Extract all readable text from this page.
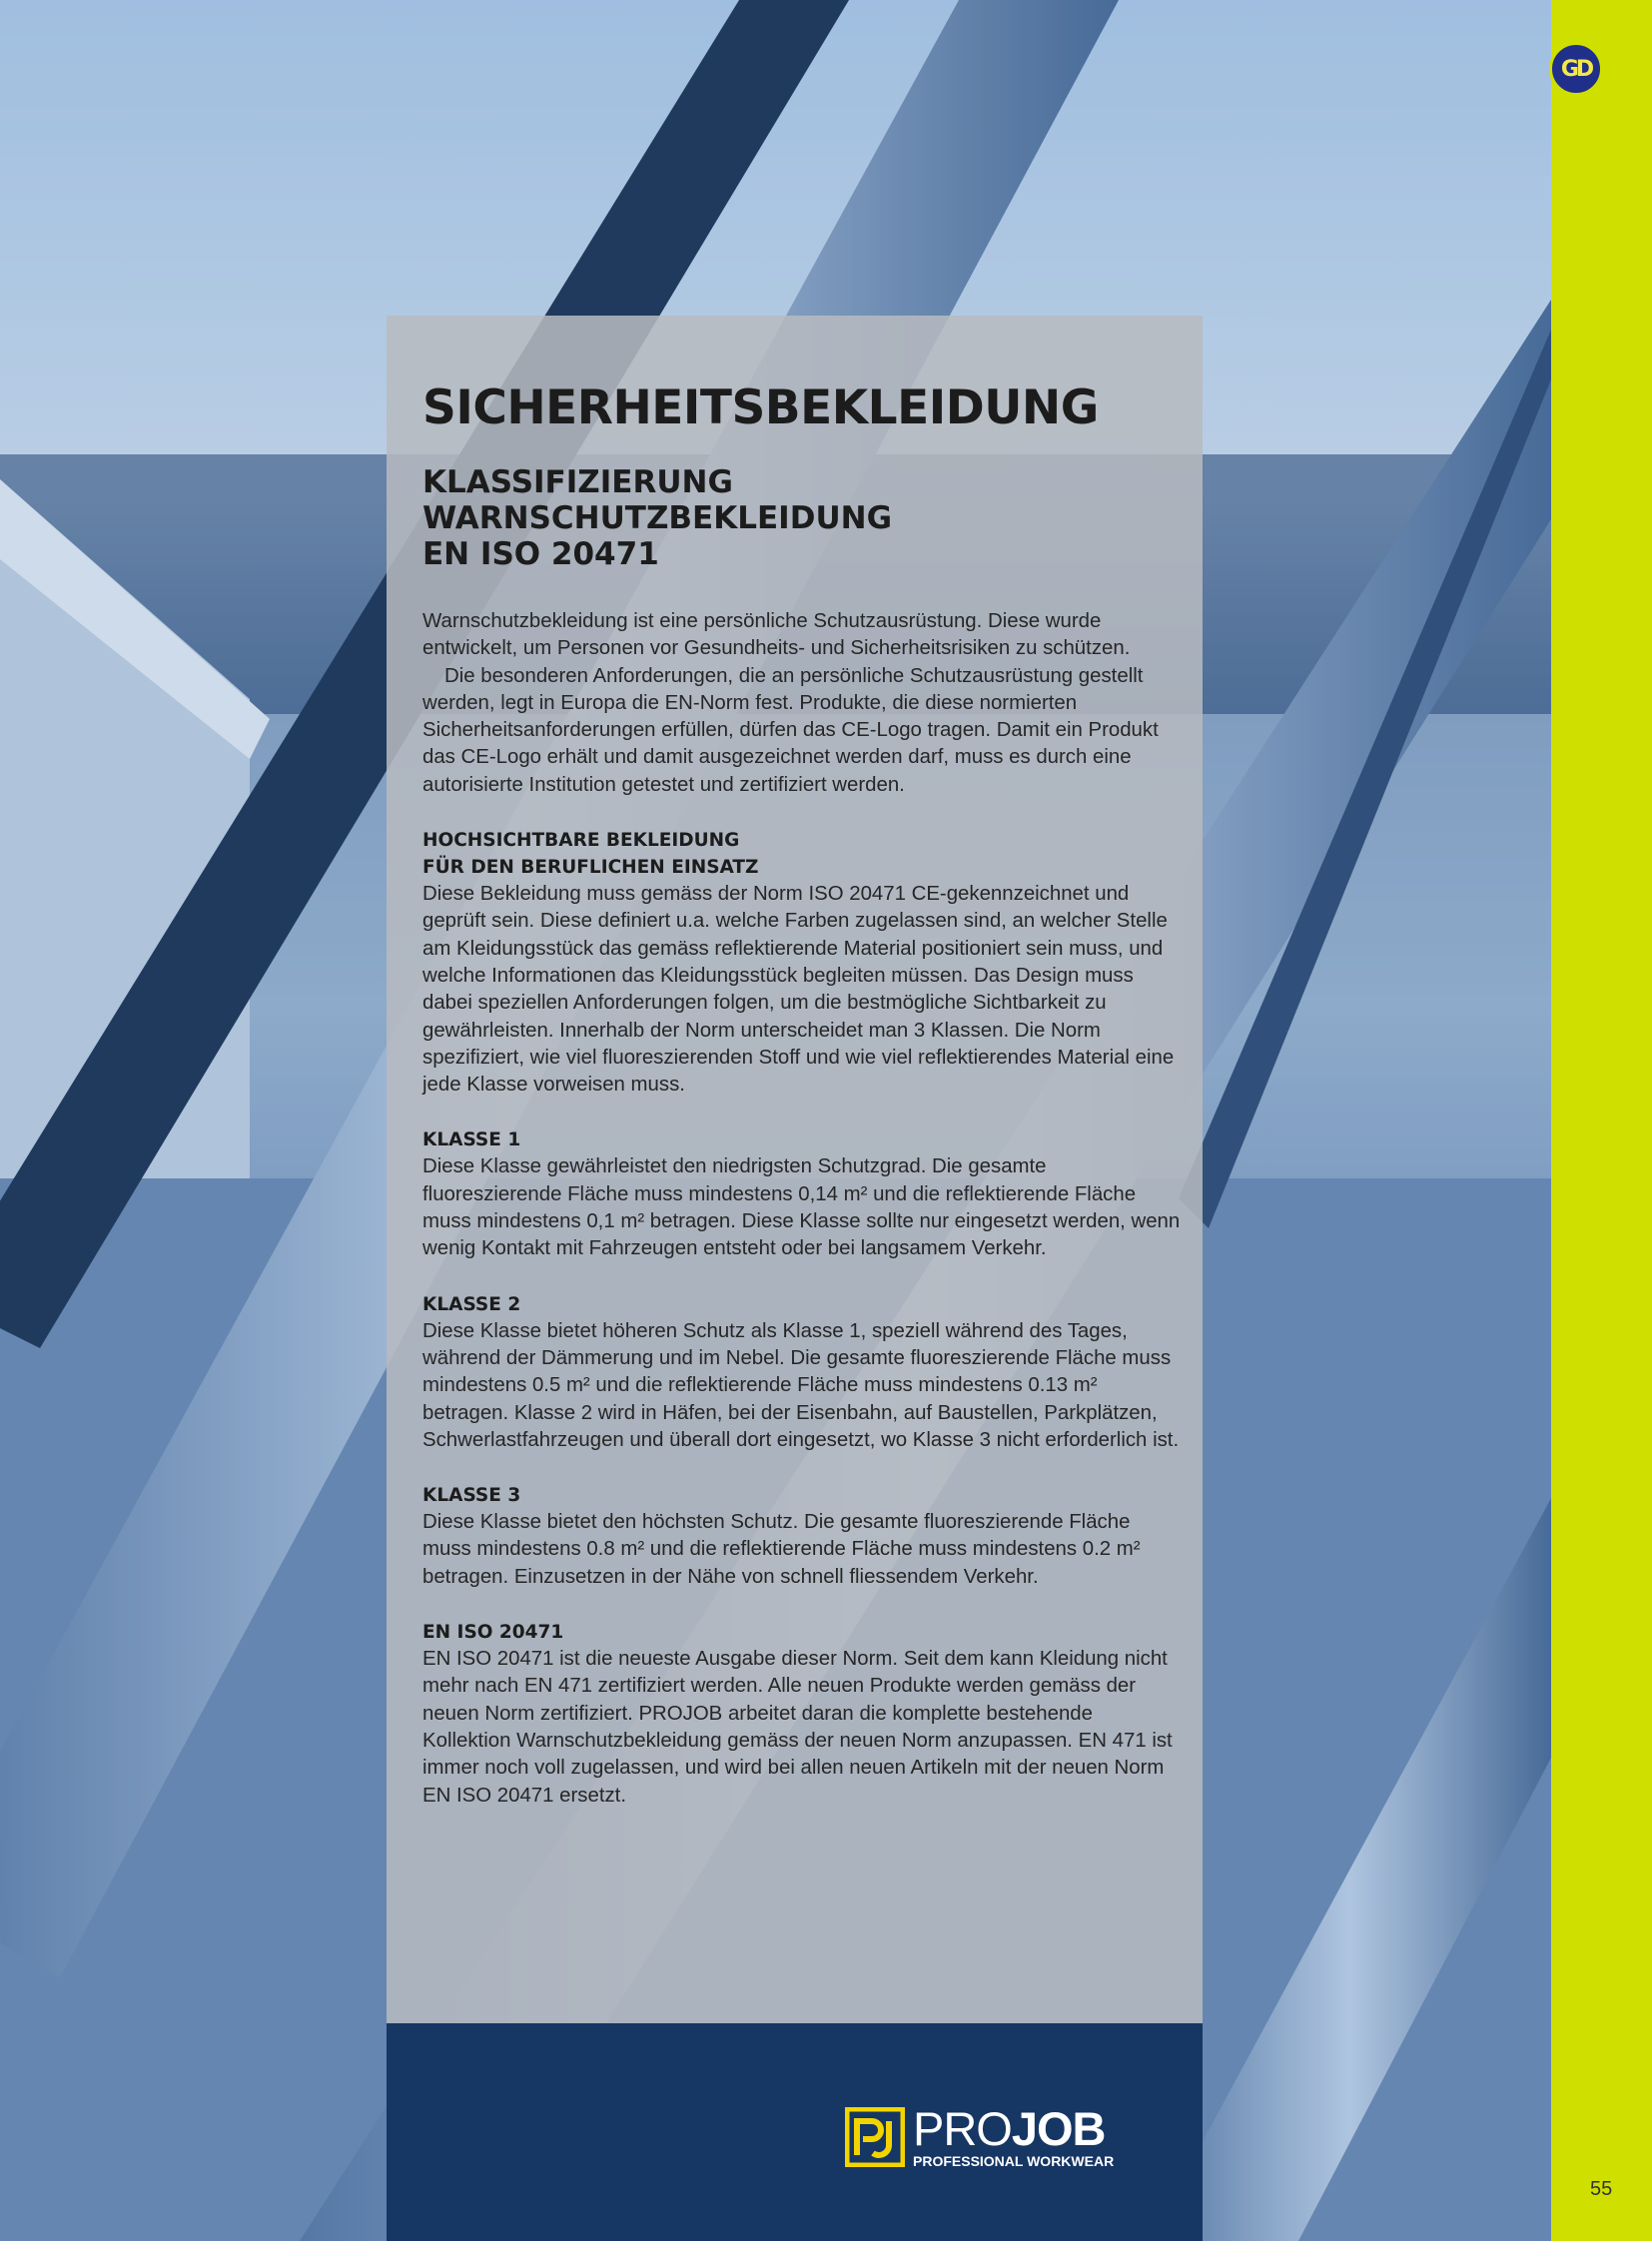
GD
55
SICHERHEITSBEKLEIDUNG
KLASSIFIZIERUNG
WARNSCHUTZBEKLEIDUNG
EN ISO 20471

Warnschutzbekleidung ist eine persönliche Schutzausrüstung. Diese wurde entwickelt, um Personen vor Gesundheits- und Sicherheitsrisiken zu schützen.

Die besonderen Anforderungen, die an persönliche Schutzausrüstung gestellt werden, legt in Europa die EN-Norm fest. Produkte, die diese normierten Sicherheitsanforderungen erfüllen, dürfen das CE-Logo tragen. Damit ein Produkt das CE-Logo erhält und damit ausgezeichnet werden darf, muss es durch eine autorisierte Institution getestet und zertifiziert werden.

HOCHSICHTBARE BEKLEIDUNG
FÜR DEN BERUFLICHEN EINSATZ

Diese Bekleidung muss gemäss der Norm ISO 20471 CE-gekennzeichnet und geprüft sein. Diese definiert u.a. welche Farben zugelassen sind, an welcher Stelle am Kleidungsstück das gemäss reflektierende Material positioniert sein muss, und welche Informationen das Kleidungsstück begleiten müssen. Das Design muss dabei speziellen Anforderungen folgen, um die bestmögliche Sichtbarkeit zu gewährleisten. Innerhalb der Norm unterscheidet man 3 Klassen. Die Norm spezifiziert, wie viel fluoreszierenden Stoff und wie viel reflektierendes Material eine jede Klasse vorweisen muss.

KLASSE 1

Diese Klasse gewährleistet den niedrigsten Schutzgrad. Die gesamte fluoreszierende Fläche muss mindestens 0,14 m² und die reflektierende Fläche muss mindestens 0,1 m² betragen. Diese Klasse sollte nur eingesetzt werden, wenn wenig Kontakt mit Fahrzeugen entsteht oder bei langsamem Verkehr.

KLASSE 2

Diese Klasse bietet höheren Schutz als Klasse 1, speziell während des Tages, während der Dämmerung und im Nebel. Die gesamte fluoreszierende Fläche muss mindestens 0.5 m² und die reflektierende Fläche muss mindestens 0.13 m² betragen. Klasse 2 wird in Häfen, bei der Eisenbahn, auf Baustellen, Parkplätzen, Schwerlastfahrzeugen und überall dort eingesetzt, wo Klasse 3 nicht erforderlich ist.

KLASSE 3

Diese Klasse bietet den höchsten Schutz. Die gesamte fluoreszierende Fläche muss mindestens 0.8 m² und die reflektierende Fläche muss mindestens 0.2 m² betragen. Einzusetzen in der Nähe von schnell fliessendem Verkehr.

EN ISO 20471

EN ISO 20471 ist die neueste Ausgabe dieser Norm. Seit dem kann Kleidung nicht mehr nach EN 471 zertifiziert werden. Alle neuen Produkte werden gemäss der neuen Norm zertifiziert. PROJOB arbeitet daran die komplette bestehende Kollektion Warnschutzbekleidung gemäss der neuen Norm anzupassen. EN 471 ist immer noch voll zugelassen, und wird bei allen neuen Artikeln mit der neuen Norm EN ISO 20471 ersetzt.

PROJOB
PROFESSIONAL WORKWEAR
